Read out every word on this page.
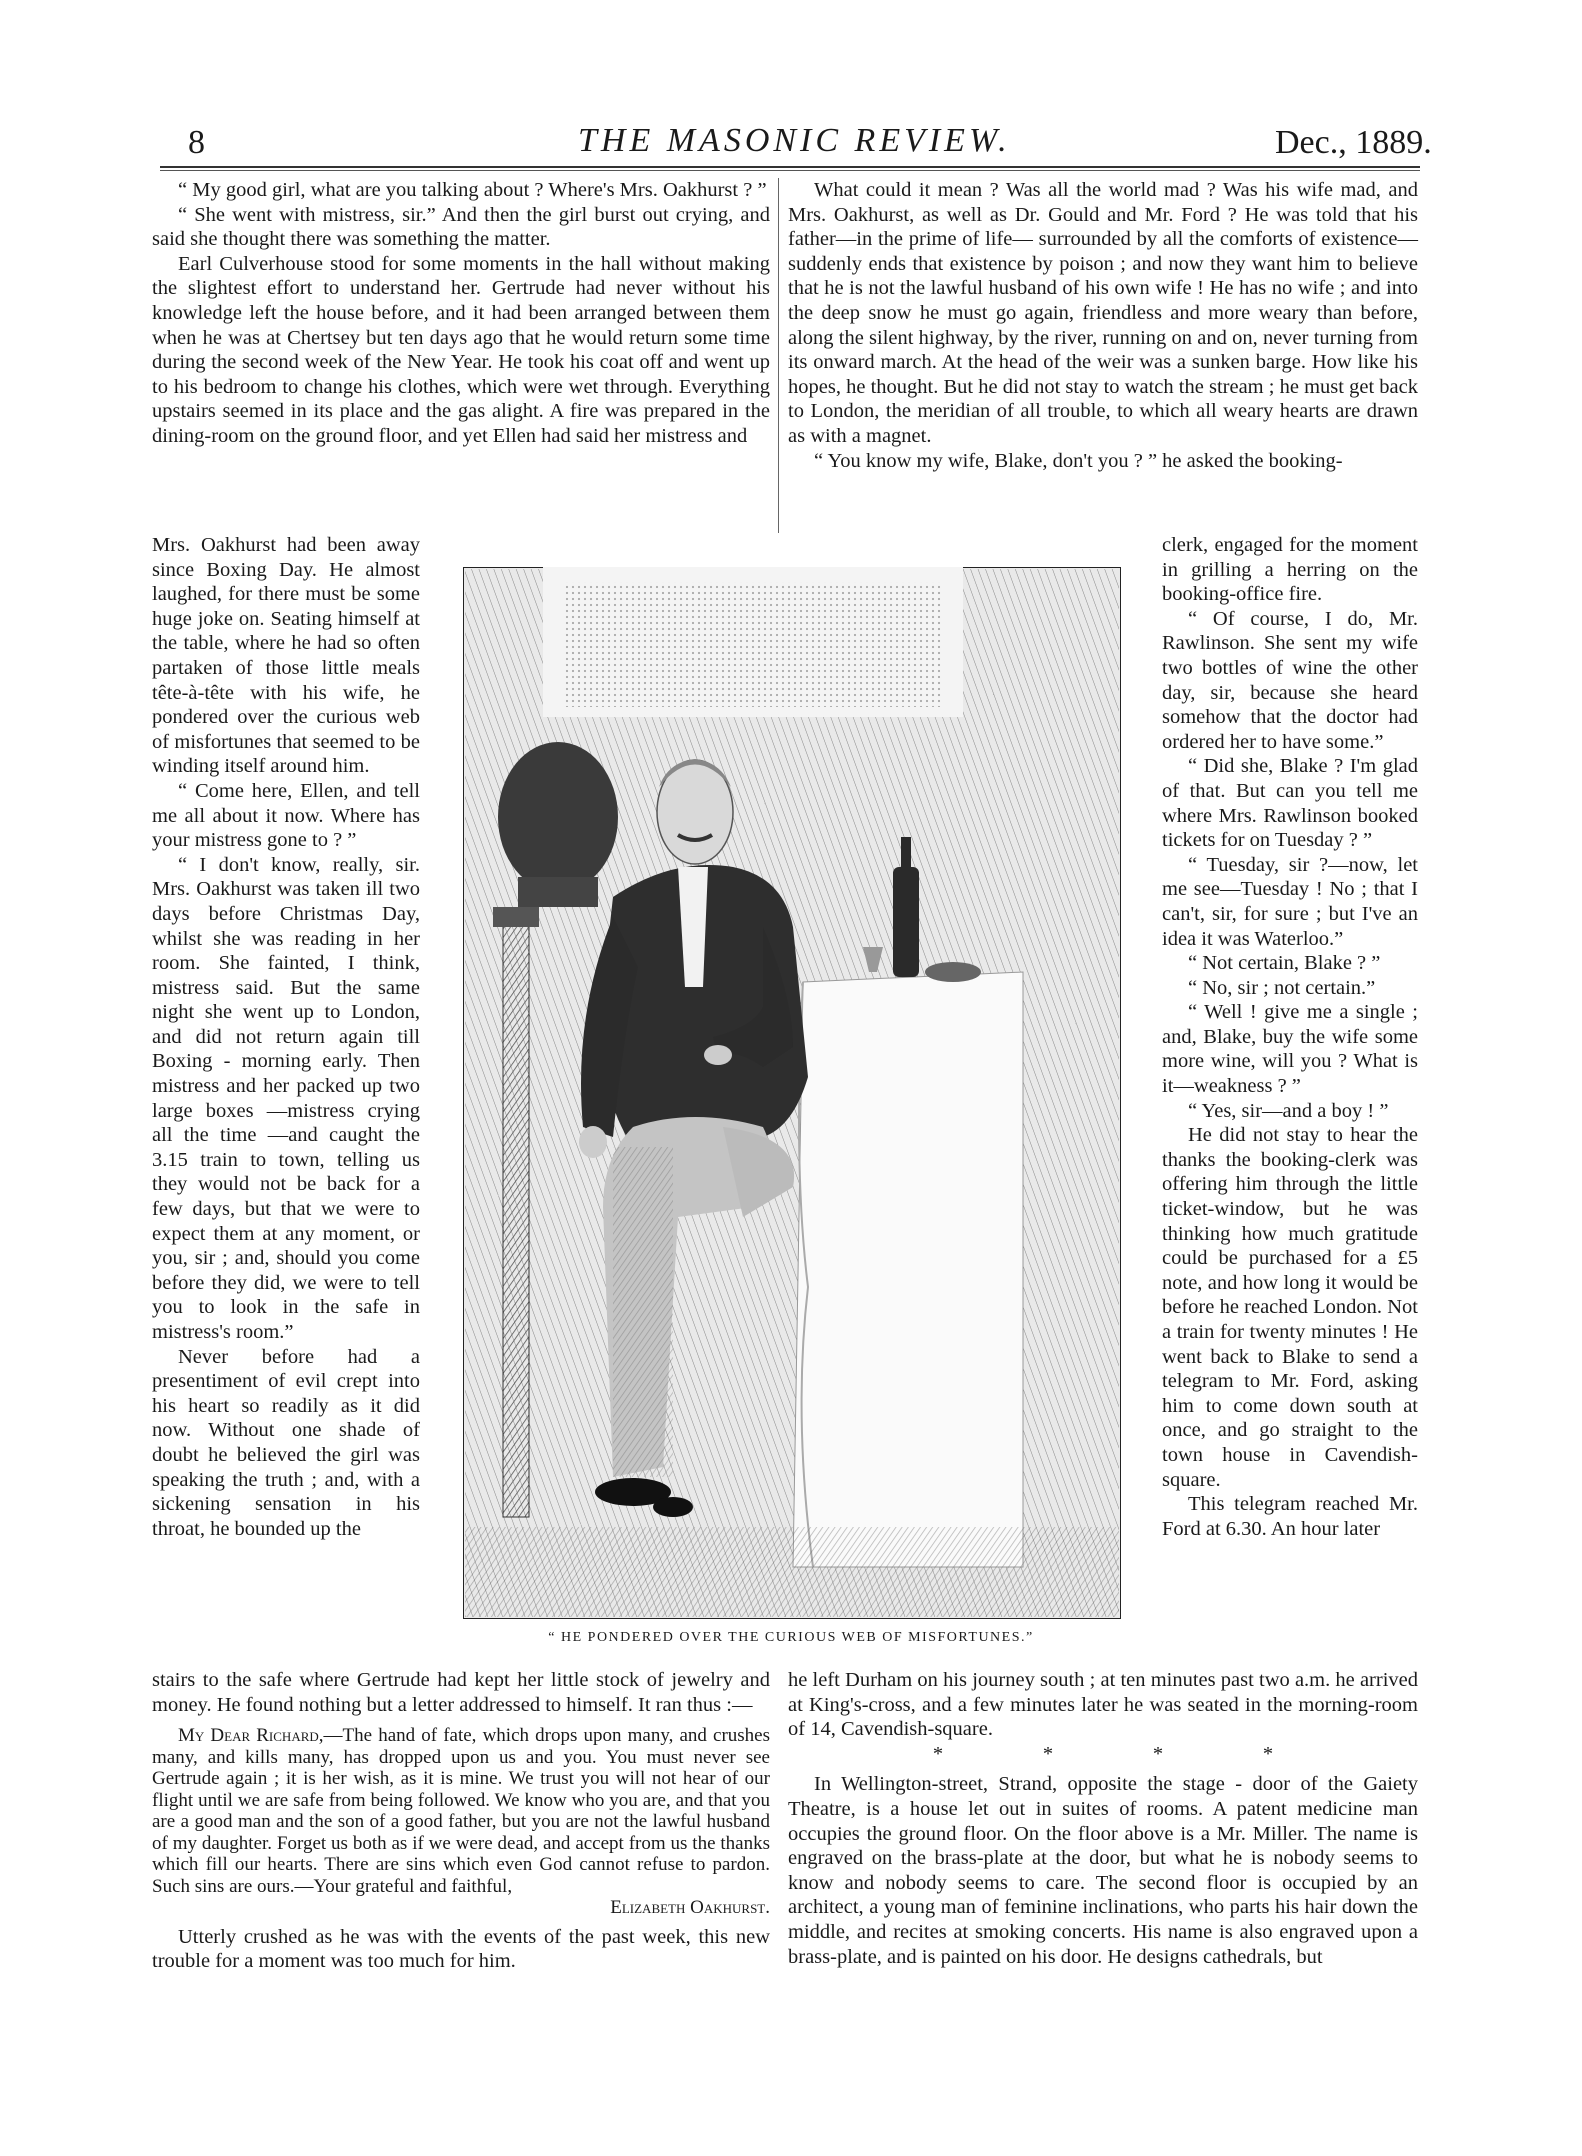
8	THE MASONIC REVIEW.	Dec., 1889.

“ My good girl, what are you talking about ? Where's Mrs. Oakhurst ? ”

“ She went with mistress, sir.” And then the girl burst out crying, and said she thought there was something the matter.

Earl Culverhouse stood for some moments in the hall without making the slightest effort to understand her. Gertrude had never without his knowledge left the house before, and it had been arranged between them when he was at Chertsey but ten days ago that he would return some time during the second week of the New Year. He took his coat off and went up to his bedroom to change his clothes, which were wet through. Everything upstairs seemed in its place and the gas alight. A fire was prepared in the dining-room on the ground floor, and yet Ellen had said her mistress and

Mrs. Oakhurst had been away since Boxing Day. He almost laughed, for there must be some huge joke on. Seating himself at the table, where he had so often partaken of those little meals tête-à-tête with his wife, he pondered over the curious web of misfortunes that seemed to be winding itself around him.

“ Come here, Ellen, and tell me all about it now. Where has your mistress gone to ? ”

“ I don't know, really, sir. Mrs. Oakhurst was taken ill two days before Christmas Day, whilst she was reading in her room. She fainted, I think, mistress said. But the same night she went up to London, and did not return again till Boxing - morning early. Then mistress and her packed up two large boxes —mistress crying all the time —and caught the 3.15 train to town, telling us they would not be back for a few days, but that we were to expect them at any moment, or you, sir ; and, should you come before they did, we were to tell you to look in the safe in mistress's room.”

Never before had a presentiment of evil crept into his heart so readily as it did now. Without one shade of doubt he believed the girl was speaking the truth ; and, with a sickening sensation in his throat, he bounded up the

stairs to the safe where Gertrude had kept her little stock of jewelry and money. He found nothing but a letter addressed to himself. It ran thus :—

My Dear Richard,—The hand of fate, which drops upon many, and crushes many, and kills many, has dropped upon us and you. You must never see Gertrude again ; it is her wish, as it is mine. We trust you will not hear of our flight until we are safe from being followed. We know who you are, and that you are a good man and the son of a good father, but you are not the lawful husband of my daughter. Forget us both as if we were dead, and accept from us the thanks which fill our hearts. There are sins which even God cannot refuse to pardon. Such sins are ours.—Your grateful and faithful,
Elizabeth Oakhurst.

Utterly crushed as he was with the events of the past week, this new trouble for a moment was too much for him.

What could it mean ? Was all the world mad ? Was his wife mad, and Mrs. Oakhurst, as well as Dr. Gould and Mr. Ford ? He was told that his father—in the prime of life— surrounded by all the comforts of existence—suddenly ends that existence by poison ; and now they want him to believe that he is not the lawful husband of his own wife ! He has no wife ; and into the deep snow he must go again, friendless and more weary than before, along the silent highway, by the river, running on and on, never turning from its onward march. At the head of the weir was a sunken barge. How like his hopes, he thought. But he did not stay to watch the stream ; he must get back to London, the meridian of all trouble, to which all weary hearts are drawn as with a magnet.

“ You know my wife, Blake, don't you ? ” he asked the booking-

clerk, engaged for the moment in grilling a herring on the booking-office fire.

“ Of course, I do, Mr. Rawlinson. She sent my wife two bottles of wine the other day, sir, because she heard somehow that the doctor had ordered her to have some.”

“ Did she, Blake ? I'm glad of that. But can you tell me where Mrs. Rawlinson booked tickets for on Tuesday ? ”

“ Tuesday, sir ?—now, let me see—Tuesday ! No ; that I can't, sir, for sure ; but I've an idea it was Waterloo.”

“ Not certain, Blake ? ”

“ No, sir ; not certain.”

“ Well ! give me a single ; and, Blake, buy the wife some more wine, will you ? What is it—weakness ? ”

“ Yes, sir—and a boy ! ”

He did not stay to hear the thanks the booking-clerk was offering him through the little ticket-window, but he was thinking how much gratitude could be purchased for a £5 note, and how long it would be before he reached London. Not a train for twenty minutes ! He went back to Blake to send a telegram to Mr. Ford, asking him to come down south at once, and go straight to the town house in Cavendish-square.

This telegram reached Mr. Ford at 6.30. An hour later

he left Durham on his journey south ; at ten minutes past two a.m. he arrived at King's-cross, and a few minutes later he was seated in the morning-room of 14, Cavendish-square.

*	*	*	*

In Wellington-street, Strand, opposite the stage - door of the Gaiety Theatre, is a house let out in suites of rooms. A patent medicine man occupies the ground floor. On the floor above is a Mr. Miller. The name is engraved on the brass-plate at the door, but what he is nobody seems to know and nobody seems to care. The second floor is occupied by an architect, a young man of feminine inclinations, who parts his hair down the middle, and recites at smoking concerts. His name is also engraved upon a brass-plate, and is painted on his door. He designs cathedrals, but

“ HE PONDERED OVER THE CURIOUS WEB OF MISFORTUNES.”
